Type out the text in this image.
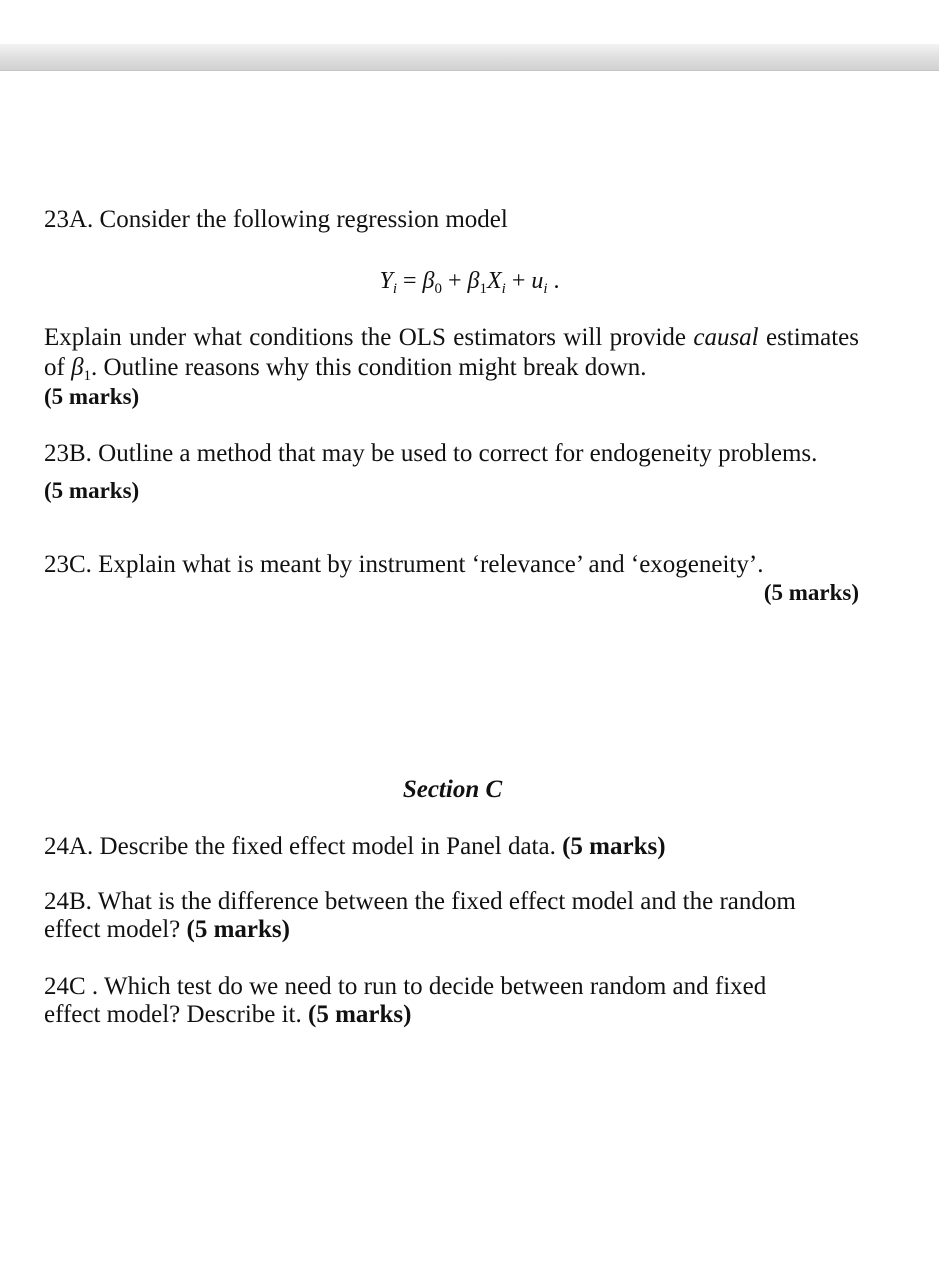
23A. Consider the following regression model
$Y_i = \beta_0 + \beta_1X_i + u_i$ .
Explain under what conditions the OLS estimators will provide causal estimates of $\beta_1$. Outline reasons why this condition might break down.
(5 marks)
23B. Outline a method that may be used to correct for endogeneity problems.
(5 marks)
23C. Explain what is meant by instrument ‘relevance’ and ‘exogeneity’.
(5 marks)
Section C
24A. Describe the fixed effect model in Panel data. (5 marks)
24B. What is the difference between the fixed effect model and the random effect model? (5 marks)
24C . Which test do we need to run to decide between random and fixed effect model? Describe it. (5 marks)
